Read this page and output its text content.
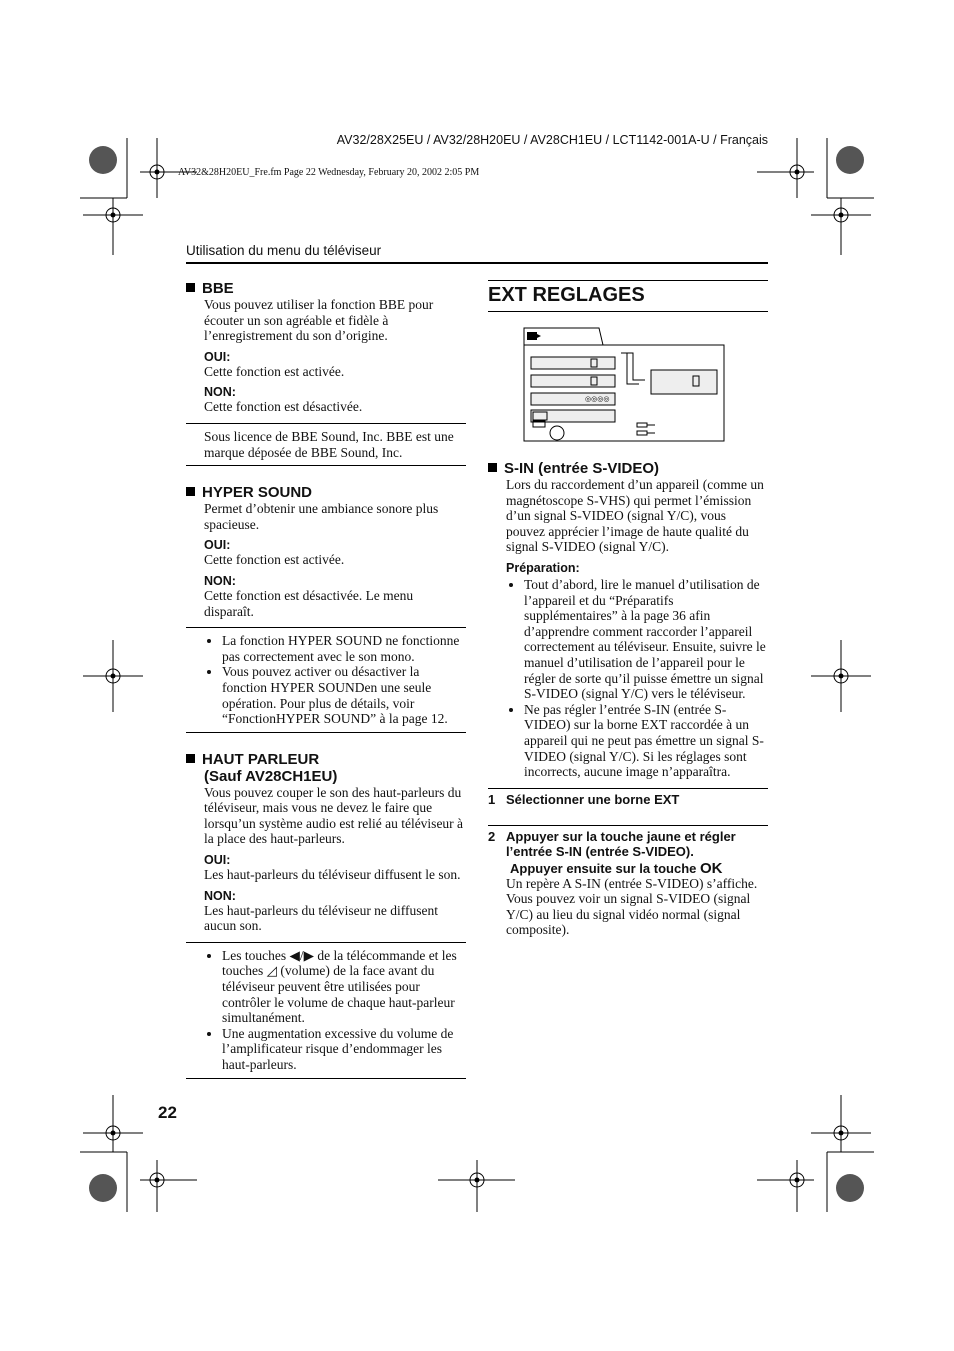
AV32/28X25EU / AV32/28H20EU / AV28CH1EU / LCT1142-001A-U / Français
AV32&28H20EU_Fre.fm Page 22 Wednesday, February 20, 2002 2:05 PM
Utilisation du menu du téléviseur
BBE

Vous pouvez utiliser la fonction BBE pour écouter un son agréable et fidèle à l’enregistrement du son d’origine.

OUI:

Cette fonction est activée.

NON:

Cette fonction est désactivée.

Sous licence de BBE Sound, Inc. BBE est une marque déposée de BBE Sound, Inc.

HYPER SOUND

Permet d’obtenir une ambiance sonore plus spacieuse.

OUI:

Cette fonction est activée.

NON:

Cette fonction est désactivée. Le menu disparaît.

• La fonction HYPER SOUND ne fonctionne pas correctement avec le son mono.
• Vous pouvez activer ou désactiver la fonction HYPER SOUNDen une seule opération. Pour plus de détails, voir “FonctionHYPER SOUND” à la page 12.
HAUT PARLEUR
(Sauf AV28CH1EU)

Vous pouvez couper le son des haut-parleurs du téléviseur, mais vous ne devez le faire que lorsqu’un système audio est relié au téléviseur à la place des haut-parleurs.

OUI:

Les haut-parleurs du téléviseur diffusent le son.

NON:

Les haut-parleurs du téléviseur ne diffusent aucun son.

• Les touches ◀/▶ de la télécommande et les touches ◿ (volume) de la face avant du téléviseur peuvent être utilisées pour contrôler le volume de chaque haut-parleur simultanément.
• Une augmentation excessive du volume de l’amplificateur risque d’endommager les haut-parleurs.
EXT REGLAGES
◎◎◎◎
S-IN (entrée S-VIDEO)

Lors du raccordement d’un appareil (comme un magnétoscope S-VHS) qui permet l’émission d’un signal S-VIDEO (signal Y/C), vous pouvez apprécier l’image de haute qualité du signal S-VIDEO (signal Y/C).

Préparation:
• Tout d’abord, lire le manuel d’utilisation de l’appareil et du “Préparatifs supplémentaires” à la page 36 afin d’apprendre comment raccorder l’appareil correctement au téléviseur. Ensuite, suivre le manuel d’utilisation de l’appareil pour le régler de sorte qu’il puisse émettre un signal S-VIDEO (signal Y/C) vers le téléviseur.
• Ne pas régler l’entrée S-IN (entrée S-VIDEO) sur la borne EXT raccordée à un appareil qui ne peut pas émettre un signal S-VIDEO (signal Y/C). Si les réglages sont incorrects, aucune image n’apparaîtra.
1 Sélectionner une borne EXT
2 Appuyer sur la touche jaune et régler l’entrée S-IN (entrée S-VIDEO).
Appuyer ensuite sur la touche OK

Un repère A S-IN (entrée S-VIDEO) s’affiche. Vous pouvez voir un signal S-VIDEO (signal Y/C) au lieu du signal vidéo normal (signal composite).

22
